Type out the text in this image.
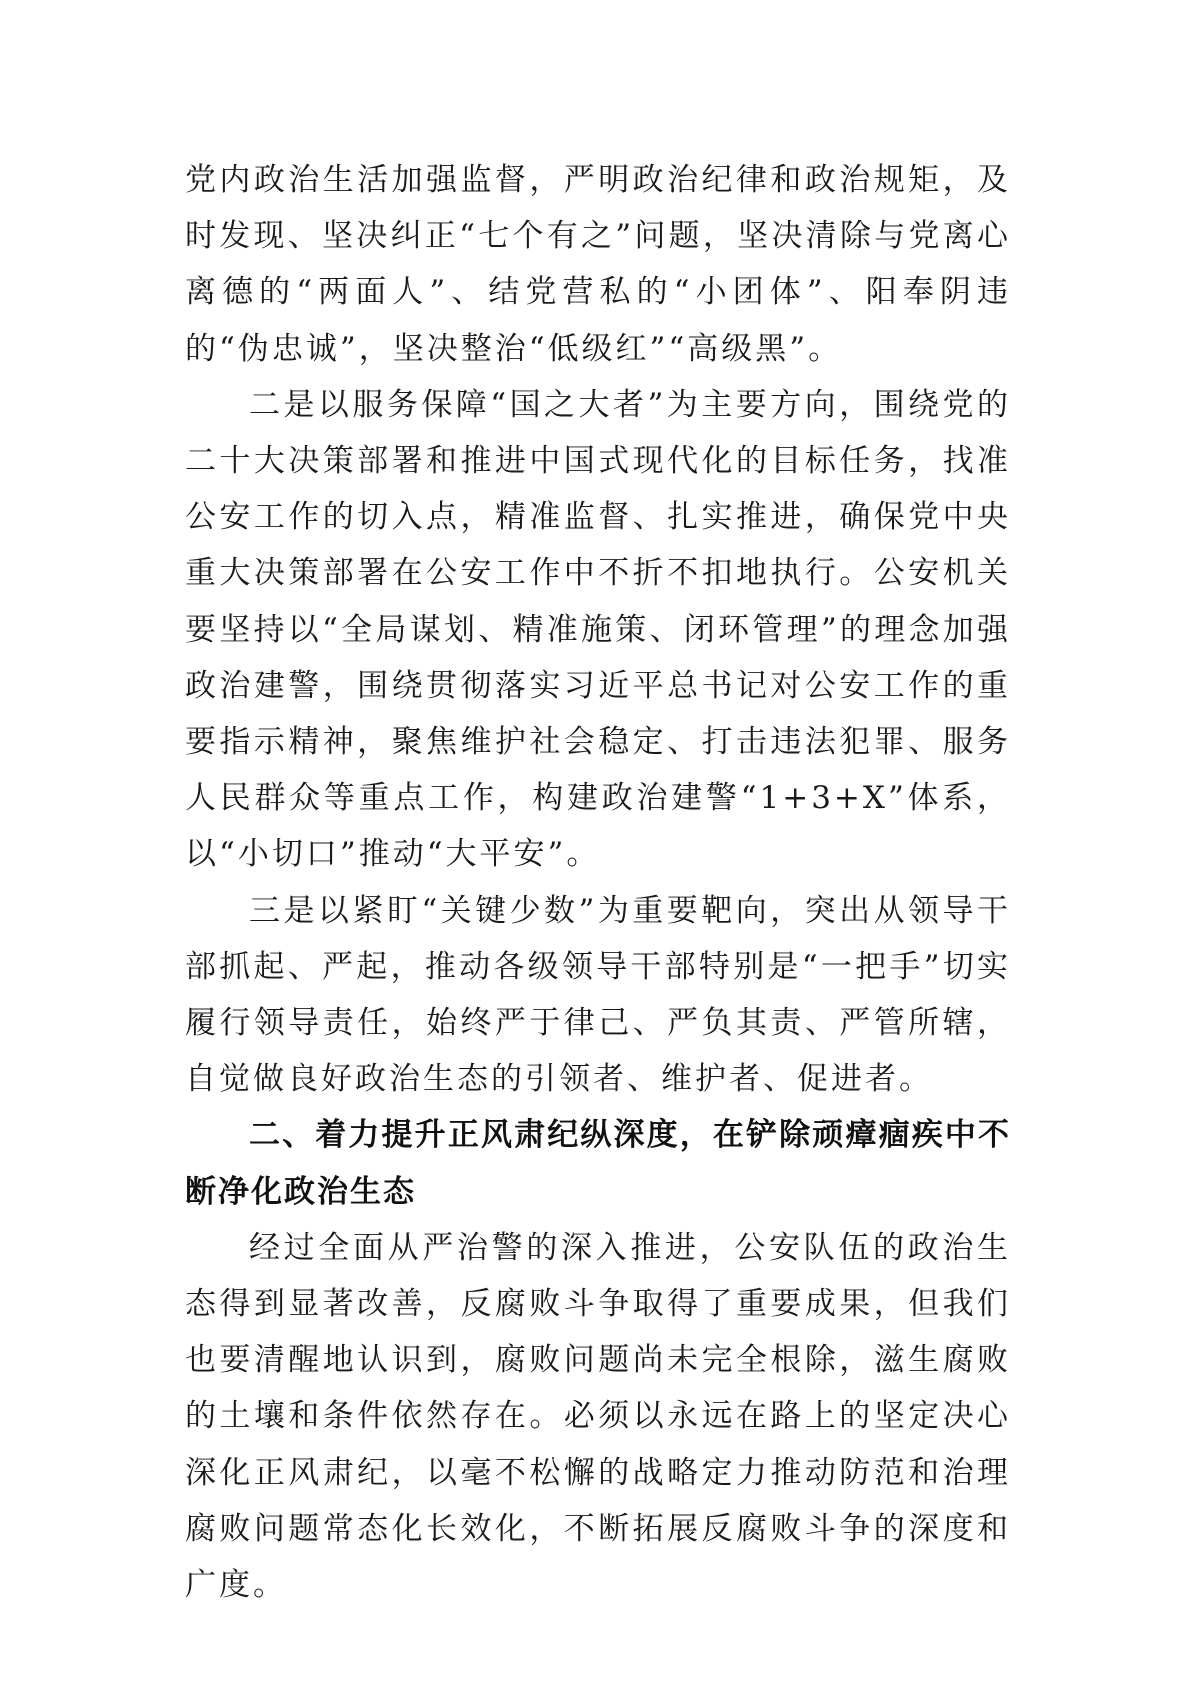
党内政治生活加强监督，严明政治纪律和政治规矩，及时发现、坚决纠正“七个有之”问题，坚决清除与党离心离德的“两面人”、结党营私的“小团体”、阳奉阴违的“伪忠诚”，坚决整治“低级红”“高级黑”。

二是以服务保障“国之大者”为主要方向，围绕党的二十大决策部署和推进中国式现代化的目标任务，找准公安工作的切入点，精准监督、扎实推进，确保党中央重大决策部署在公安工作中不折不扣地执行。公安机关要坚持以“全局谋划、精准施策、闭环管理”的理念加强政治建警，围绕贯彻落实习近平总书记对公安工作的重要指示精神，聚焦维护社会稳定、打击违法犯罪、服务人民群众等重点工作，构建政治建警“1+3+X”体系，以“小切口”推动“大平安”。

三是以紧盯“关键少数”为重要靶向，突出从领导干部抓起、严起，推动各级领导干部特别是“一把手”切实履行领导责任，始终严于律己、严负其责、严管所辖，自觉做良好政治生态的引领者、维护者、促进者。

二、着力提升正风肃纪纵深度，在铲除顽瘴痼疾中不断净化政治生态

经过全面从严治警的深入推进，公安队伍的政治生态得到显著改善，反腐败斗争取得了重要成果，但我们也要清醒地认识到，腐败问题尚未完全根除，滋生腐败的土壤和条件依然存在。必须以永远在路上的坚定决心深化正风肃纪，以毫不松懈的战略定力推动防范和治理腐败问题常态化长效化，不断拓展反腐败斗争的深度和广度。
